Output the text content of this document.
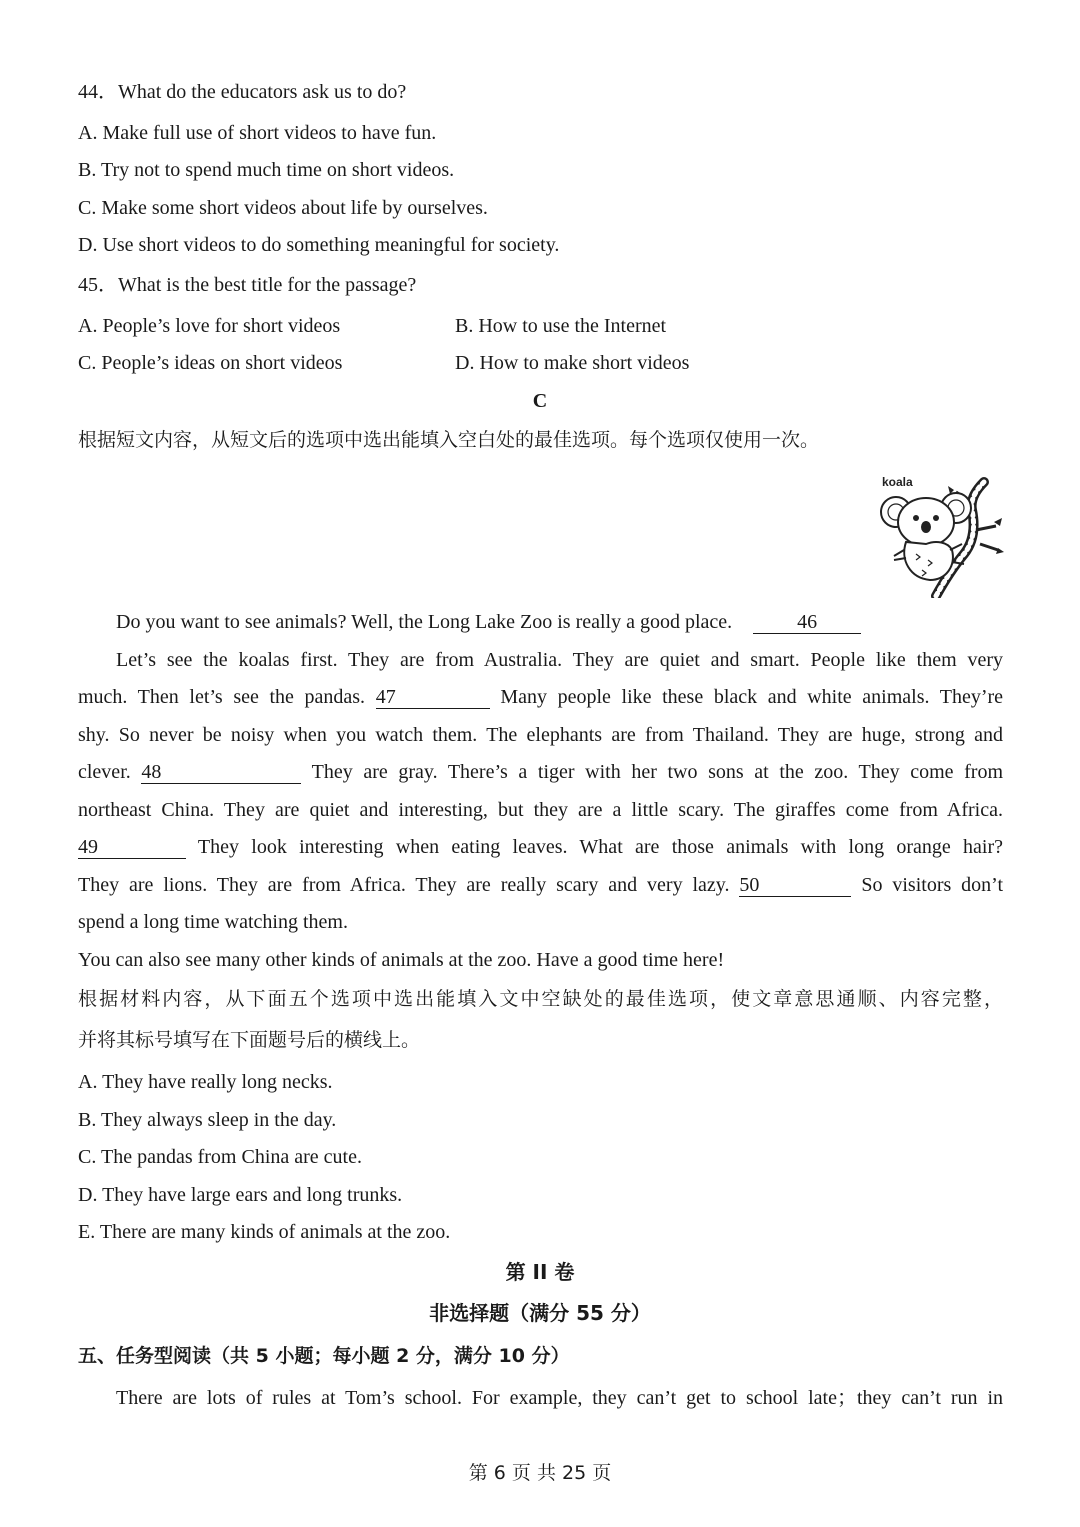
44．What do the educators ask us to do?
A. Make full use of short videos to have fun.
B. Try not to spend much time on short videos.
C. Make some short videos about life by ourselves.
D. Use short videos to do something meaningful for society.
45．What is the best title for the passage?
A. People’s love for short videos	B. How to use the Internet
C. People’s ideas on short videos	D. How to make short videos
C
根据短文内容，从短文后的选项中选出能填入空白处的最佳选项。每个选项仅使用一次。
koala
Do you want to see animals? Well, the Long Lake Zoo is really a good place.	46
Let’s see the koalas first. They are from Australia. They are quiet and smart. People like them very
much. Then let’s see the pandas. 47	Many people like these black and white animals. They’re
shy. So never be noisy when you watch them. The elephants are from Thailand. They are huge, strong and
clever. 48	They are gray. There’s a tiger with her two sons at the zoo. They come from
northeast China. They are quiet and interesting, but they are a little scary. The giraffes come from Africa.
49	They look interesting when eating leaves. What are those animals with long orange hair?
They are lions. They are from Africa. They are really scary and very lazy. 50	So visitors don’t
spend a long time watching them.
You can also see many other kinds of animals at the zoo. Have a good time here!
根据材料内容，从下面五个选项中选出能填入文中空缺处的最佳选项，使文章意思通顺、内容完整，
并将其标号填写在下面题号后的横线上。
A. They have really long necks.
B. They always sleep in the day.
C. The pandas from China are cute.
D. They have large ears and long trunks.
E. There are many kinds of animals at the zoo.
第 II 卷
非选择题（满分 55 分）
五、任务型阅读（共 5 小题；每小题 2 分，满分 10 分）
There are lots of rules at Tom’s school. For example, they can’t get to school late；they can’t run in
第 6 页 共 25 页
